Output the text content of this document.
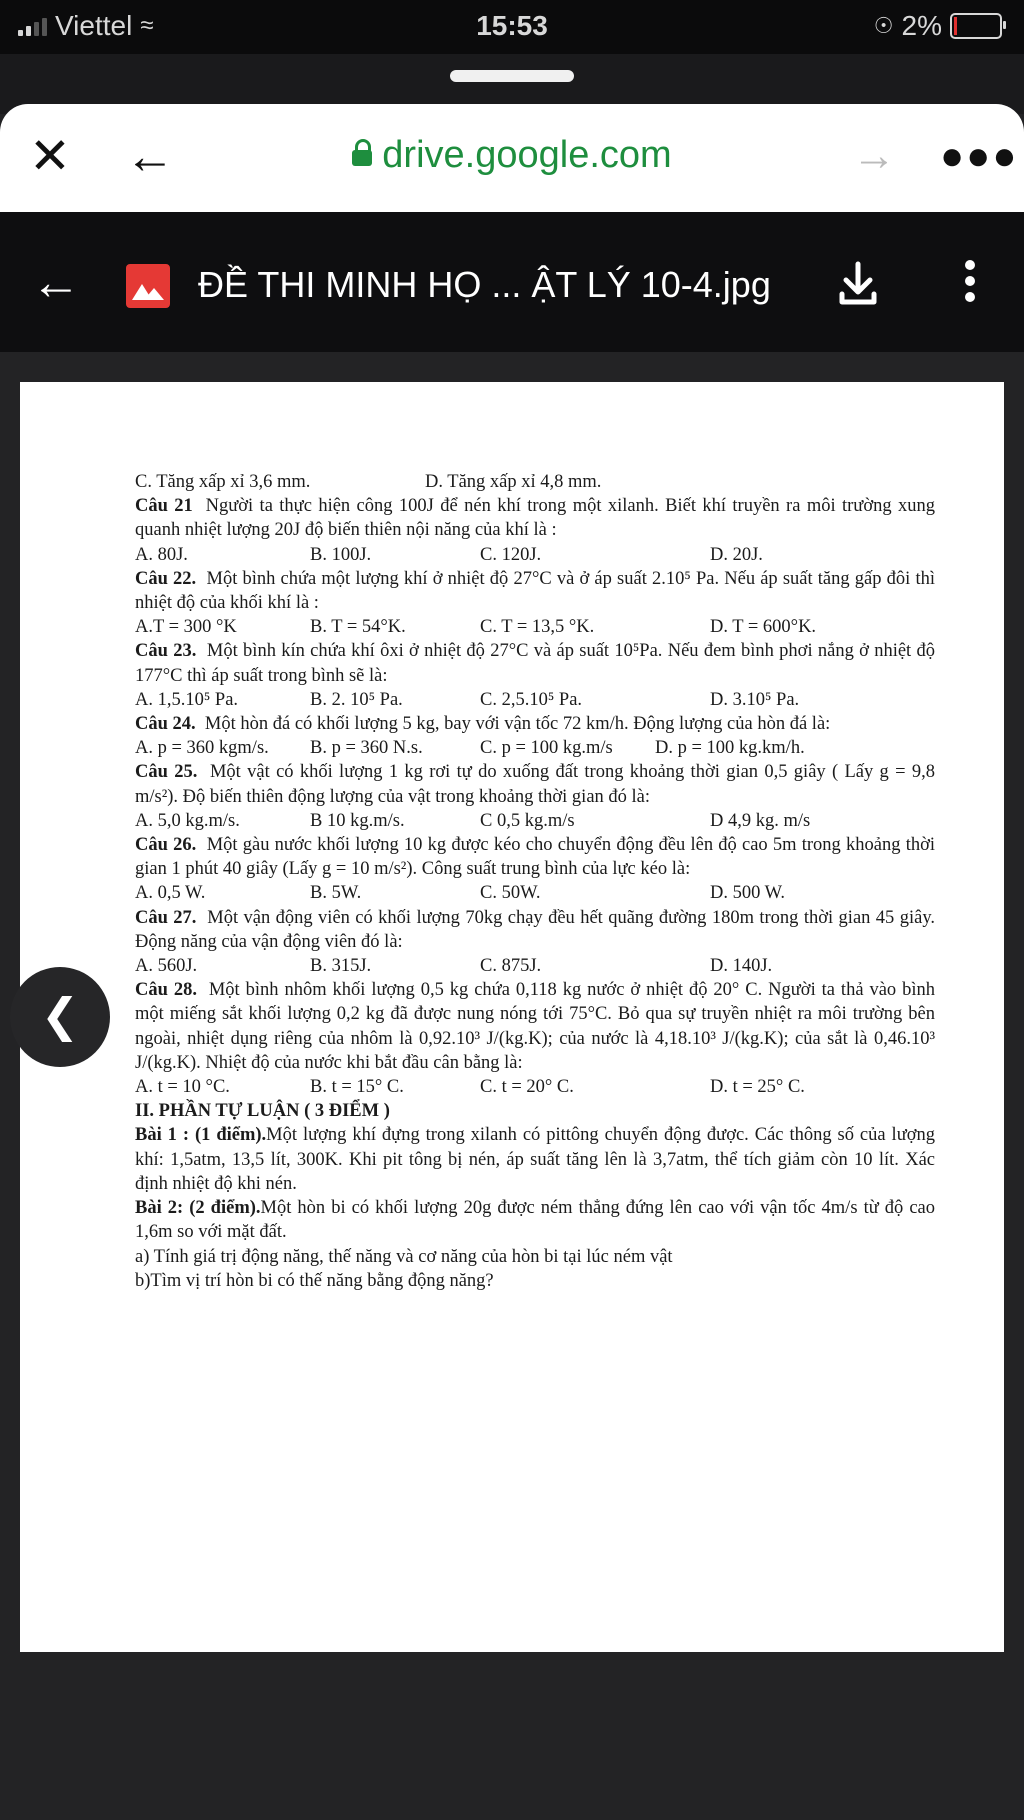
Viettel ≈	15:53	☉ 2%
✕ ←	drive.google.com	→ ●●●
←	ĐỀ THI MINH HỌ ... ẬT LÝ 10-4.jpg
C. Tăng xấp xỉ 3,6 mm.	D. Tăng xấp xỉ 4,8 mm.

Câu 21 Người ta thực hiện công 100J để nén khí trong một xilanh. Biết khí truyền ra môi trường xung quanh nhiệt lượng 20J độ biến thiên nội năng của khí là :

A. 80J.	B. 100J.	C. 120J.	D. 20J.

Câu 22. Một bình chứa một lượng khí ở nhiệt độ 27°C và ở áp suất 2.10⁵ Pa. Nếu áp suất tăng gấp đôi thì nhiệt độ của khối khí là :

A.T = 300 °K	B. T = 54°K.	C. T = 13,5 °K.	D. T = 600°K.

Câu 23. Một bình kín chứa khí ôxi ở nhiệt độ 27°C và áp suất 10⁵Pa. Nếu đem bình phơi nắng ở nhiệt độ 177°C thì áp suất trong bình sẽ là:

A. 1,5.10⁵ Pa.	B. 2. 10⁵ Pa.	C. 2,5.10⁵ Pa.	D. 3.10⁵ Pa.

Câu 24. Một hòn đá có khối lượng 5 kg, bay với vận tốc 72 km/h. Động lượng của hòn đá là:

A. p = 360 kgm/s.	B. p = 360 N.s.	C. p = 100 kg.m/s	D. p = 100 kg.km/h.

Câu 25. Một vật có khối lượng 1 kg rơi tự do xuống đất trong khoảng thời gian 0,5 giây ( Lấy g = 9,8 m/s²). Độ biến thiên động lượng của vật trong khoảng thời gian đó là:

A. 5,0 kg.m/s.	B 10 kg.m/s.	C 0,5 kg.m/s	D 4,9 kg. m/s

Câu 26. Một gàu nước khối lượng 10 kg được kéo cho chuyển động đều lên độ cao 5m trong khoảng thời gian 1 phút 40 giây (Lấy g = 10 m/s²). Công suất trung bình của lực kéo là:

A. 0,5 W.	B. 5W.	C. 50W.	D. 500 W.

Câu 27. Một vận động viên có khối lượng 70kg chạy đều hết quãng đường 180m trong thời gian 45 giây. Động năng của vận động viên đó là:

A. 560J.	B. 315J.	C. 875J.	D. 140J.

Câu 28. Một bình nhôm khối lượng 0,5 kg chứa 0,118 kg nước ở nhiệt độ 20° C. Người ta thả vào bình một miếng sắt khối lượng 0,2 kg đã được nung nóng tới 75°C. Bỏ qua sự truyền nhiệt ra môi trường bên ngoài, nhiệt dụng riêng của nhôm là 0,92.10³ J/(kg.K); của nước là 4,18.10³ J/(kg.K); của sắt là 0,46.10³ J/(kg.K). Nhiệt độ của nước khi bắt đầu cân bằng là:

A. t = 10 °C.	B. t = 15° C.	C. t = 20° C.	D. t = 25° C.

II. PHẦN TỰ LUẬN ( 3 ĐIỂM )

Bài 1 : (1 điểm).Một lượng khí đựng trong xilanh có pittông chuyển động được. Các thông số của lượng khí: 1,5atm, 13,5 lít, 300K. Khi pit tông bị nén, áp suất tăng lên là 3,7atm, thể tích giảm còn 10 lít. Xác định nhiệt độ khi nén.

Bài 2: (2 điểm).Một hòn bi có khối lượng 20g được ném thẳng đứng lên cao với vận tốc 4m/s từ độ cao 1,6m so với mặt đất.

a) Tính giá trị động năng, thế năng và cơ năng của hòn bi tại lúc ném vật

b)Tìm vị trí hòn bi có thế năng bằng động năng?

❮
